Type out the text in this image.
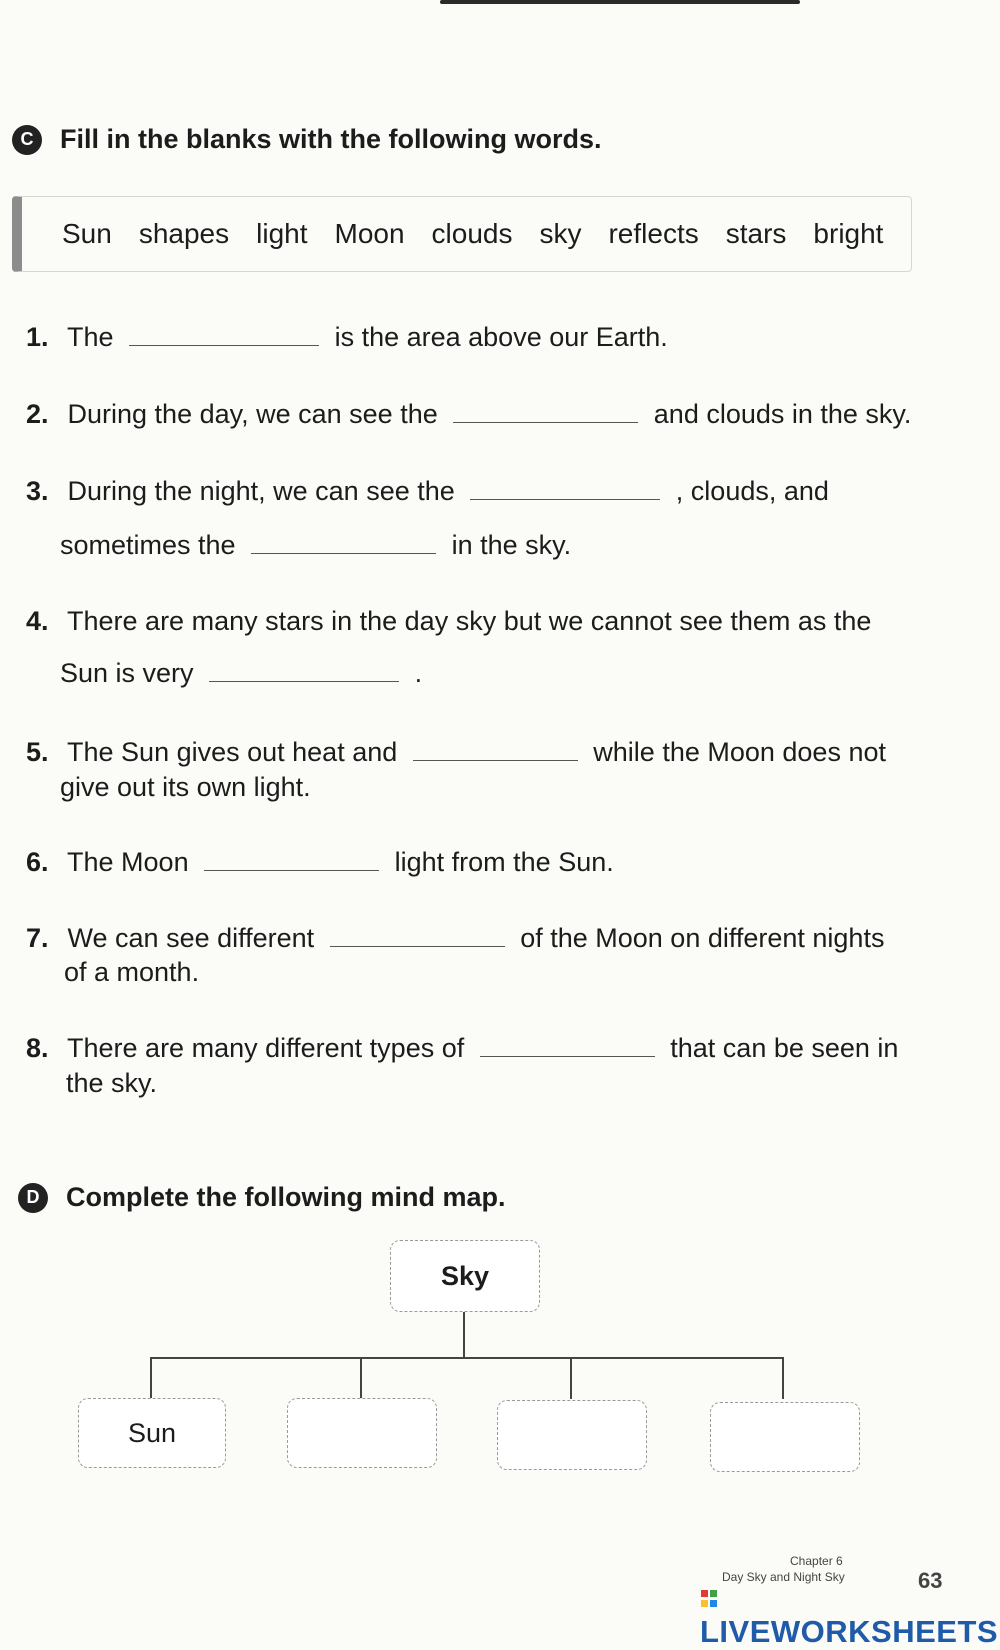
C Fill in the blanks with the following words.
Sun shapes light Moon clouds sky reflects stars bright
1. The	is the area above our Earth.
2. During the day, we can see the	and clouds in the sky.
3. During the night, we can see the	, clouds, and
sometimes the	in the sky.
4. There are many stars in the day sky but we cannot see them as the
Sun is very	.
5. The Sun gives out heat and	while the Moon does not
give out its own light.
6. The Moon	light from the Sun.
7. We can see different	of the Moon on different nights
of a month.
8. There are many different types of	that can be seen in
the sky.
D Complete the following mind map.
Sky
Sun
Chapter 6
Day Sky and Night Sky	63
LIVEWORKSHEETS
